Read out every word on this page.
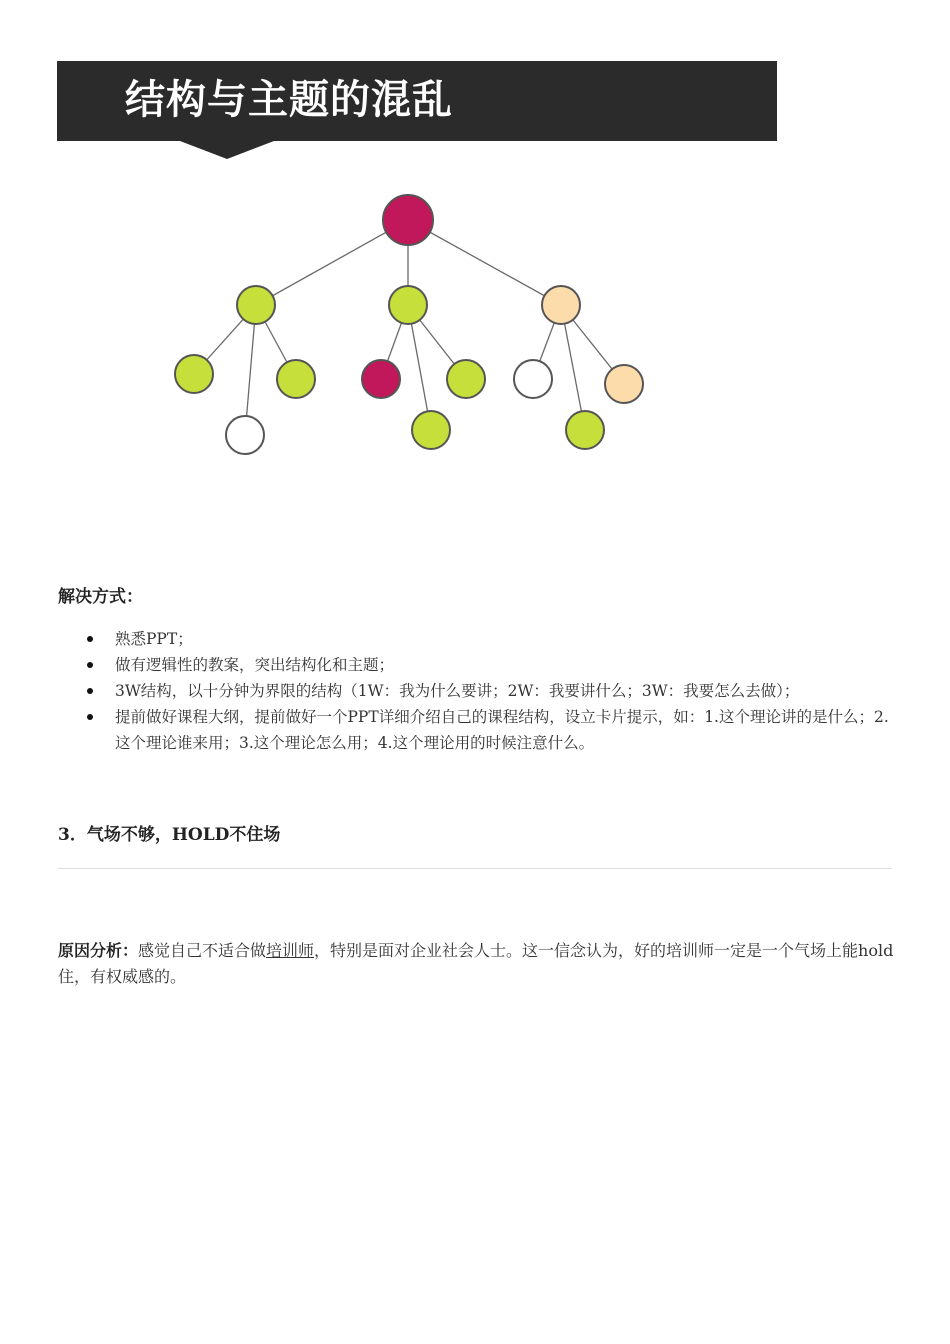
结构与主题的混乱
解决方式：
熟悉PPT；
做有逻辑性的教案，突出结构化和主题；
3W结构，以十分钟为界限的结构（1W：我为什么要讲；2W：我要讲什么；3W：我要怎么去做）；
提前做好课程大纲，提前做好一个PPT详细介绍自己的课程结构，设立卡片提示，如：1.这个理论讲的是什么；2.这个理论谁来用；3.这个理论怎么用；4.这个理论用的时候注意什么。
3．气场不够，HOLD不住场

原因分析：感觉自己不适合做培训师，特别是面对企业社会人士。这一信念认为，好的培训师一定是一个气场上能hold住，有权威感的。
